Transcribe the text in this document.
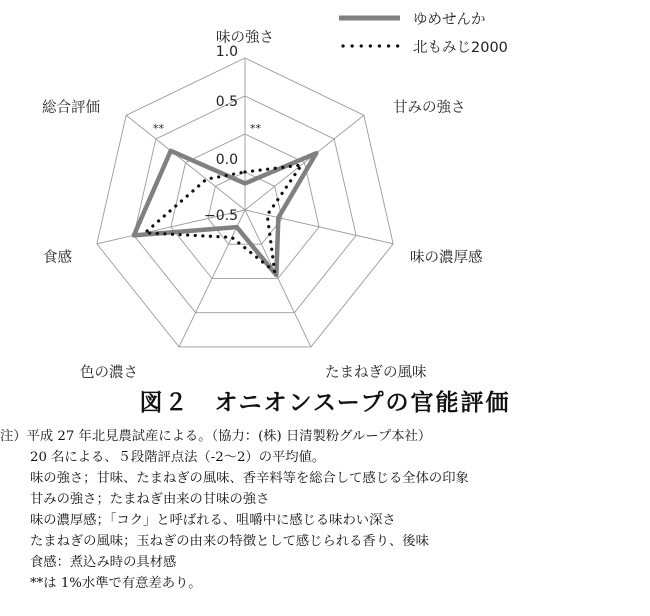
味の強さ
甘みの強さ
味の濃厚感
たまねぎの風味
色の濃さ
食感
総合評価
1.0
0.5
0.0
−0.5
**
**
ゆめせんか
北もみじ2000
図２　オニオンスープの官能評価
注）平成 27 年北見農試産による。（協力：(株) 日清製粉グループ本社）
20 名による、５段階評点法（-2〜2）の平均値。
味の強さ；甘味、たまねぎの風味、香辛料等を総合して感じる全体の印象
甘みの強さ；たまねぎ由来の甘味の強さ
味の濃厚感；「コク」と呼ばれる、咀嚼中に感じる味わい深さ
たまねぎの風味；玉ねぎの由来の特徴として感じられる香り、後味
食感：煮込み時の具材感
**は 1%水準で有意差あり。
